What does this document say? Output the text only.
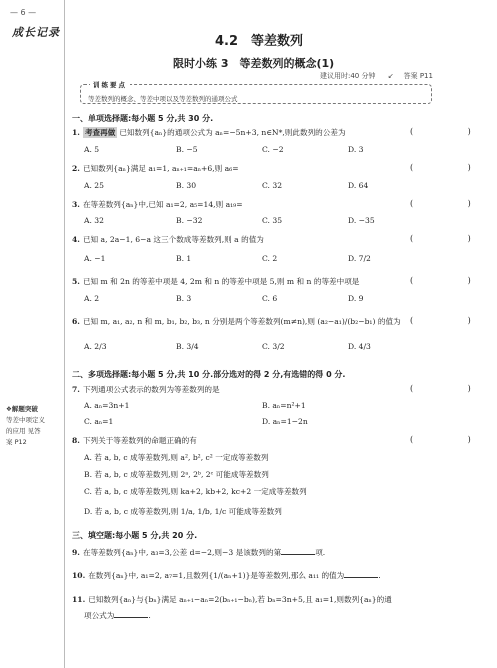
— 6 —
成长记录
❖解题突破
等差中项定义
的应用 见答
案 P12
4.2　等差数列
限时小练 3　等差数列的概念(1)
建议用时:40 分钟 ↙ 答案 P11
训练要点
等差数列的概念、等差中项以及等差数列的通项公式
一、单项选择题:每小题 5 分,共 30 分.
1. 考查再做 已知数列{aₙ}的通项公式为 aₙ=−5n+3, n∈N*,则此数列的公差为	( )
A. 5	B. −5	C. −2	D. 3
2. 已知数列{aₙ}满足 a₁=1, aₙ₊₁=aₙ+6,则 a₆=	( )
A. 25	B. 30	C. 32	D. 64
3. 在等差数列{aₙ}中,已知 a₁=2, a₅=14,则 a₁₉=	( )
A. 32	B. −32	C. 35	D. −35
4. 已知 a, 2a−1, 6−a 这三个数成等差数列,则 a 的值为	( )
A. −1	B. 1	C. 2	D. 7/2
5. 已知 m 和 2n 的等差中项是 4, 2m 和 n 的等差中项是 5,则 m 和 n 的等差中项是	( )
A. 2	B. 3	C. 6	D. 9
6. 已知 m, a₁, a₂, n 和 m, b₁, b₂, b₃, n 分别是两个等差数列(m≠n),则 (a₂−a₁)/(b₂−b₁) 的值为 ( )
A. 2/3	B. 3/4	C. 3/2	D. 4/3
二、多项选择题:每小题 5 分,共 10 分.部分选对的得 2 分,有选错的得 0 分.
7. 下列通项公式表示的数列为等差数列的是	( )
A. aₙ=3n+1	B. aₙ=n²+1
C. aₙ=1	D. aₙ=1−2n
8. 下列关于等差数列的命题正确的有	( )
A. 若 a, b, c 成等差数列,则 a², b², c² 一定成等差数列
B. 若 a, b, c 成等差数列,则 2ᵃ, 2ᵇ, 2ᶜ 可能成等差数列
C. 若 a, b, c 成等差数列,则 ka+2, kb+2, kc+2 一定成等差数列
D. 若 a, b, c 成等差数列,则 1/a, 1/b, 1/c 可能成等差数列
三、填空题:每小题 5 分,共 20 分.
9. 在等差数列{aₙ}中, a₃=3,公差 d=−2,则−3 是该数列的第	项.
10. 在数列{aₙ}中, a₁=2, a₇=1,且数列{1/(aₙ+1)}是等差数列,那么 a₁₁ 的值为	.
11. 已知数列{aₙ}与{bₙ}满足 aₙ₊₁−aₙ=2(bₙ₊₁−bₙ),若 bₙ=3n+5,且 a₁=1,则数列{aₙ}的通
项公式为	.
